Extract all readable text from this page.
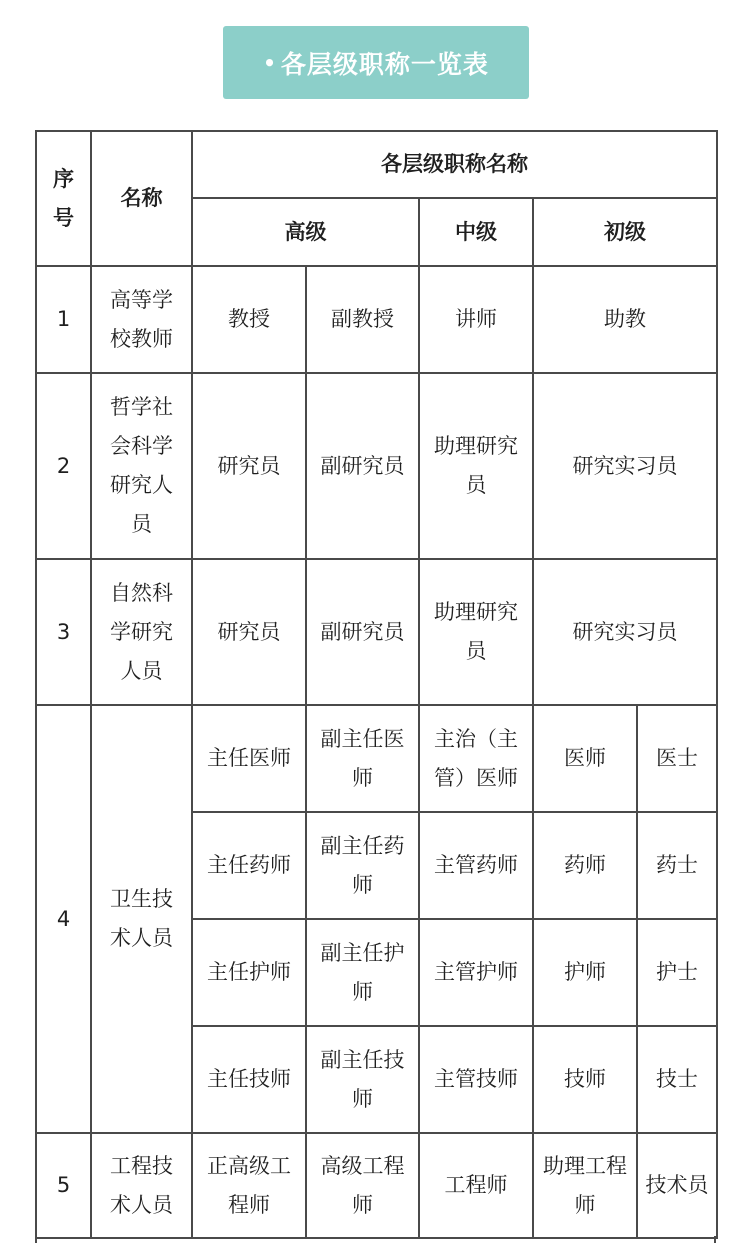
• 各层级职称一览表
序号	名称	各层级职称名称				
		高级		中级	初级	
1	高等学校教师	教授	副教授	讲师	助教	
2	哲学社会科学研究人员	研究员	副研究员	助理研究员	研究实习员	
3	自然科学研究人员	研究员	副研究员	助理研究员	研究实习员	
4	卫生技术人员	主任医师	副主任医师	主治（主管）医师	医师	医士
		主任药师	副主任药师	主管药师	药师	药士
		主任护师	副主任护师	主管护师	护师	护士
		主任技师	副主任技师	主管技师	技师	技士
5	工程技术人员	正高级工程师	高级工程师	工程师	助理工程师	技术员
